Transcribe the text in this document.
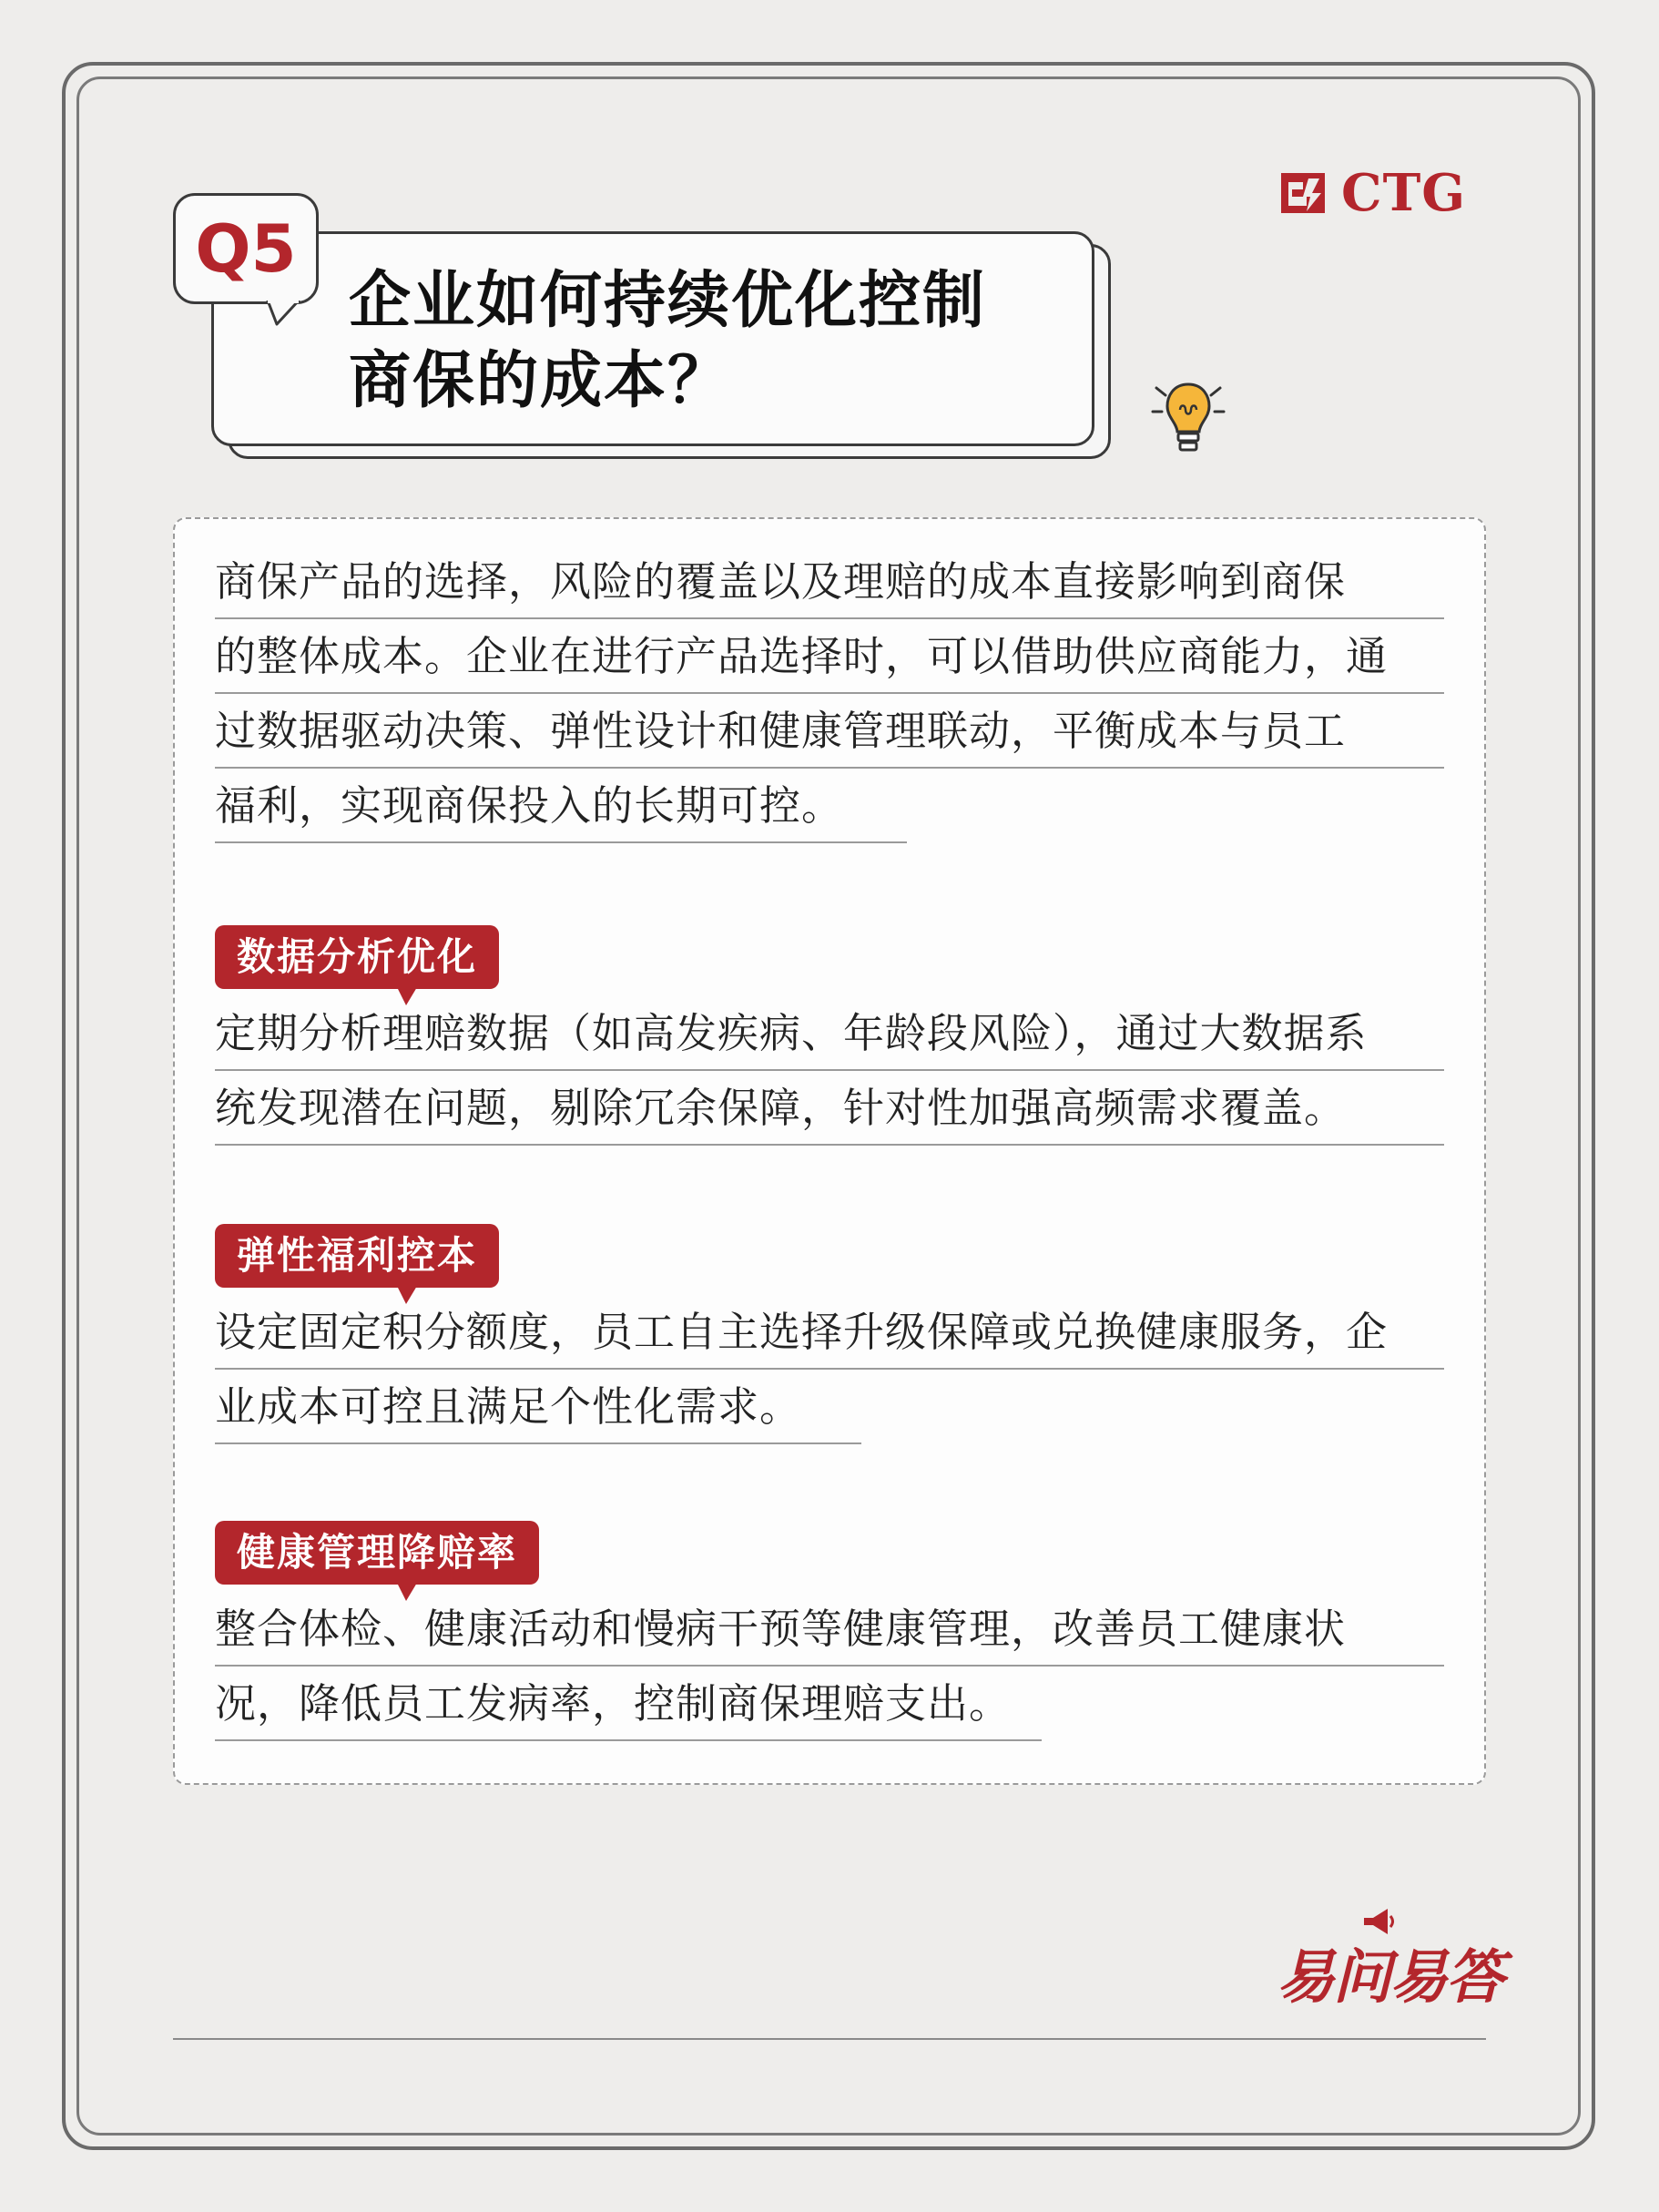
CTG
企业如何持续优化控制
商保的成本？
Q5
商保产品的选择，风险的覆盖以及理赔的成本直接影响到商保
的整体成本。企业在进行产品选择时，可以借助供应商能力，通
过数据驱动决策、弹性设计和健康管理联动，平衡成本与员工
福利，实现商保投入的长期可控。
数据分析优化
定期分析理赔数据（如高发疾病、年龄段风险），通过大数据系
统发现潜在问题，剔除冗余保障，针对性加强高频需求覆盖。
弹性福利控本
设定固定积分额度，员工自主选择升级保障或兑换健康服务，企
业成本可控且满足个性化需求。
健康管理降赔率
整合体检、健康活动和慢病干预等健康管理，改善员工健康状
况，降低员工发病率，控制商保理赔支出。
易问易答
